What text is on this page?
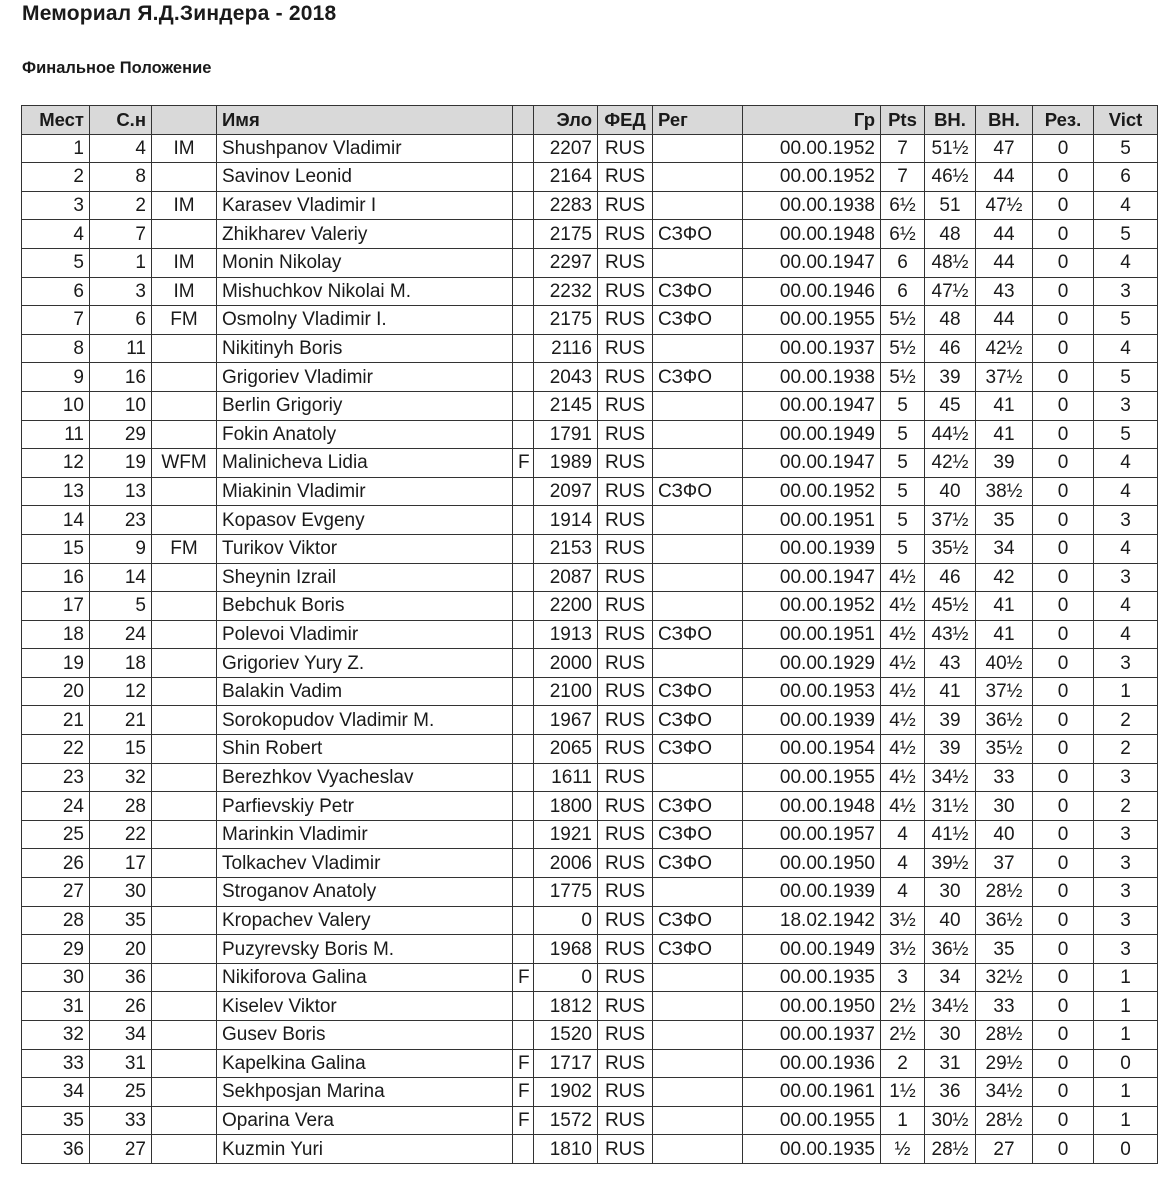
Мемориал Я.Д.Зиндера - 2018
Финальное Положение
Мест	С.н		Имя		Эло	ФЕД	Рег	Гр	Pts	ВН.	ВН.	Рез.	Vict
1	4	IM	Shushpanov Vladimir		2207	RUS		00.00.1952	7	51½	47	0	5
2	8		Savinov Leonid		2164	RUS		00.00.1952	7	46½	44	0	6
3	2	IM	Karasev Vladimir I		2283	RUS		00.00.1938	6½	51	47½	0	4
4	7		Zhikharev Valeriy		2175	RUS	СЗФО	00.00.1948	6½	48	44	0	5
5	1	IM	Monin Nikolay		2297	RUS		00.00.1947	6	48½	44	0	4
6	3	IM	Mishuchkov Nikolai M.		2232	RUS	СЗФО	00.00.1946	6	47½	43	0	3
7	6	FM	Osmolny Vladimir I.		2175	RUS	СЗФО	00.00.1955	5½	48	44	0	5
8	11		Nikitinyh Boris		2116	RUS		00.00.1937	5½	46	42½	0	4
9	16		Grigoriev Vladimir		2043	RUS	СЗФО	00.00.1938	5½	39	37½	0	5
10	10		Berlin Grigoriy		2145	RUS		00.00.1947	5	45	41	0	3
11	29		Fokin Anatoly		1791	RUS		00.00.1949	5	44½	41	0	5
12	19	WFM	Malinicheva Lidia	F	1989	RUS		00.00.1947	5	42½	39	0	4
13	13		Miakinin Vladimir		2097	RUS	СЗФО	00.00.1952	5	40	38½	0	4
14	23		Kopasov Evgeny		1914	RUS		00.00.1951	5	37½	35	0	3
15	9	FM	Turikov Viktor		2153	RUS		00.00.1939	5	35½	34	0	4
16	14		Sheynin Izrail		2087	RUS		00.00.1947	4½	46	42	0	3
17	5		Bebchuk Boris		2200	RUS		00.00.1952	4½	45½	41	0	4
18	24		Polevoi Vladimir		1913	RUS	СЗФО	00.00.1951	4½	43½	41	0	4
19	18		Grigoriev Yury Z.		2000	RUS		00.00.1929	4½	43	40½	0	3
20	12		Balakin Vadim		2100	RUS	СЗФО	00.00.1953	4½	41	37½	0	1
21	21		Sorokopudov Vladimir M.		1967	RUS	СЗФО	00.00.1939	4½	39	36½	0	2
22	15		Shin Robert		2065	RUS	СЗФО	00.00.1954	4½	39	35½	0	2
23	32		Berezhkov Vyacheslav		1611	RUS		00.00.1955	4½	34½	33	0	3
24	28		Parfievskiy Petr		1800	RUS	СЗФО	00.00.1948	4½	31½	30	0	2
25	22		Marinkin Vladimir		1921	RUS	СЗФО	00.00.1957	4	41½	40	0	3
26	17		Tolkachev Vladimir		2006	RUS	СЗФО	00.00.1950	4	39½	37	0	3
27	30		Stroganov Anatoly		1775	RUS		00.00.1939	4	30	28½	0	3
28	35		Kropachev Valery		0	RUS	СЗФО	18.02.1942	3½	40	36½	0	3
29	20		Puzyrevsky Boris M.		1968	RUS	СЗФО	00.00.1949	3½	36½	35	0	3
30	36		Nikiforova Galina	F	0	RUS		00.00.1935	3	34	32½	0	1
31	26		Kiselev Viktor		1812	RUS		00.00.1950	2½	34½	33	0	1
32	34		Gusev Boris		1520	RUS		00.00.1937	2½	30	28½	0	1
33	31		Kapelkina Galina	F	1717	RUS		00.00.1936	2	31	29½	0	0
34	25		Sekhposjan Marina	F	1902	RUS		00.00.1961	1½	36	34½	0	1
35	33		Oparina Vera	F	1572	RUS		00.00.1955	1	30½	28½	0	1
36	27		Kuzmin Yuri		1810	RUS		00.00.1935	½	28½	27	0	0
